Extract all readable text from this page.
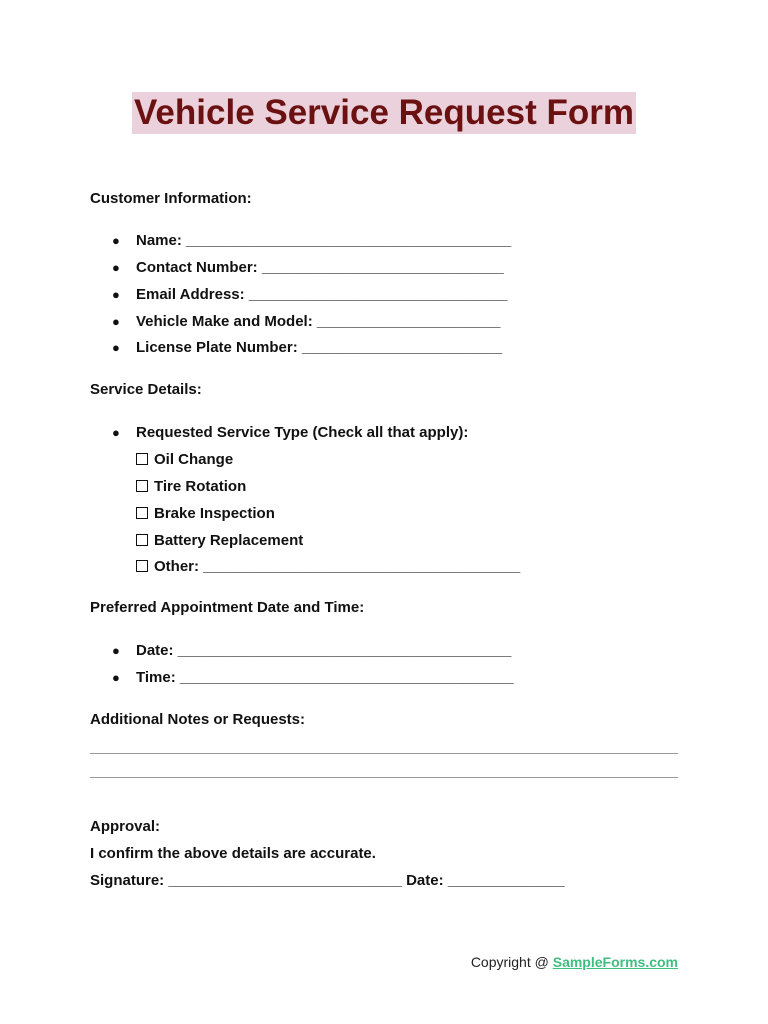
Vehicle Service Request Form
Customer Information:
● Name: _______________________________________
● Contact Number: _____________________________
● Email Address: _______________________________
● Vehicle Make and Model: ______________________
● License Plate Number: ________________________
Service Details:
● Requested Service Type (Check all that apply):
Oil Change
Tire Rotation
Brake Inspection
Battery Replacement
Other: ______________________________________
Preferred Appointment Date and Time:
● Date: ________________________________________
● Time: ________________________________________
Additional Notes or Requests:
Approval:
I confirm the above details are accurate.
Signature: ____________________________ Date: ______________
Copyright @ SampleForms.com
